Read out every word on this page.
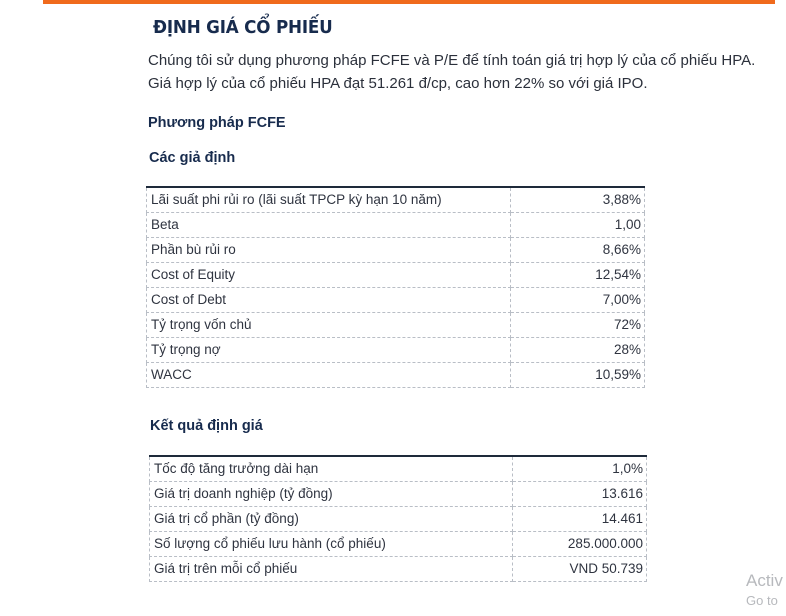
ĐỊNH GIÁ CỔ PHIẾU

Chúng tôi sử dụng phương pháp FCFE và P/E để tính toán giá trị hợp lý của cổ phiếu HPA. Giá hợp lý của cổ phiếu HPA đạt 51.261 đ/cp, cao hơn 22% so với giá IPO.

Phương pháp FCFE
Các giả định
Lãi suất phi rủi ro (lãi suất TPCP kỳ hạn 10 năm)	3,88%
Beta	1,00
Phần bù rủi ro	8,66%
Cost of Equity	12,54%
Cost of Debt	7,00%
Tỷ trọng vốn chủ	72%
Tỷ trọng nợ	28%
WACC	10,59%
Kết quả định giá
Tốc độ tăng trưởng dài hạn	1,0%
Giá trị doanh nghiệp (tỷ đồng)	13.616
Giá trị cổ phần (tỷ đồng)	14.461
Số lượng cổ phiếu lưu hành (cổ phiếu)	285.000.000
Giá trị trên mỗi cổ phiếu	VND 50.739
Activ
Go to
